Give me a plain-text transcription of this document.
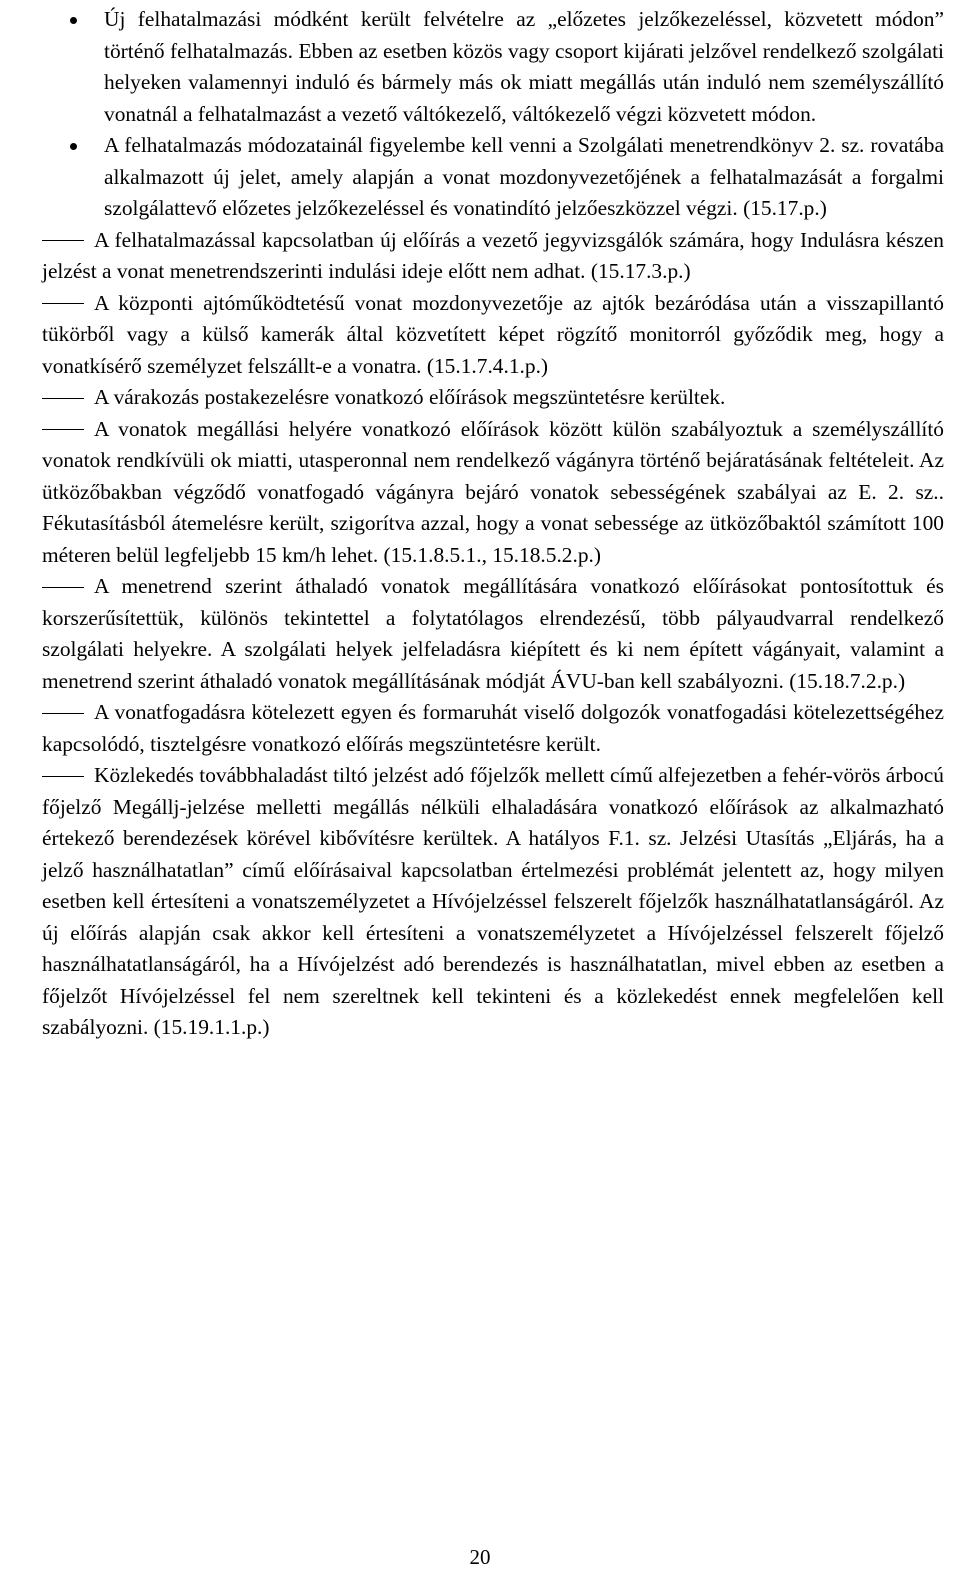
Új felhatalmazási módként került felvételre az „előzetes jelzőkezeléssel, közvetett módon” történő felhatalmazás. Ebben az esetben közös vagy csoport kijárati jelzővel rendelkező szolgálati helyeken valamennyi induló és bármely más ok miatt megállás után induló nem személyszállító vonatnál a felhatalmazást a vezető váltókezelő, váltókezelő végzi közvetett módon.

A felhatalmazás módozatainál figyelembe kell venni a Szolgálati menetrendkönyv 2. sz. rovatába alkalmazott új jelet, amely alapján a vonat mozdonyvezetőjének a felhatalmazását a forgalmi szolgálattevő előzetes jelzőkezeléssel és vonatindító jelzőeszközzel végzi. (15.17.p.)

A felhatalmazással kapcsolatban új előírás a vezető jegyvizsgálók számára, hogy Indulásra készen jelzést a vonat menetrendszerinti indulási ideje előtt nem adhat. (15.17.3.p.)

A központi ajtóműködtetésű vonat mozdonyvezetője az ajtók bezáródása után a visszapillantó tükörből vagy a külső kamerák által közvetített képet rögzítő monitorról győződik meg, hogy a vonatkísérő személyzet felszállt-e a vonatra. (15.1.7.4.1.p.)

A várakozás postakezelésre vonatkozó előírások megszüntetésre kerültek.

A vonatok megállási helyére vonatkozó előírások között külön szabályoztuk a személyszállító vonatok rendkívüli ok miatti, utasperonnal nem rendelkező vágányra történő bejáratásának feltételeit. Az ütközőbakban végződő vonatfogadó vágányra bejáró vonatok sebességének szabályai az E. 2. sz.. Fékutasításból átemelésre került, szigorítva azzal, hogy a vonat sebessége az ütközőbaktól számított 100 méteren belül legfeljebb 15 km/h lehet. (15.1.8.5.1., 15.18.5.2.p.)

A menetrend szerint áthaladó vonatok megállítására vonatkozó előírásokat pontosítottuk és korszerűsítettük, különös tekintettel a folytatólagos elrendezésű, több pályaudvarral rendelkező szolgálati helyekre. A szolgálati helyek jelfeladásra kiépített és ki nem épített vágányait, valamint a menetrend szerint áthaladó vonatok megállításának módját ÁVU-ban kell szabályozni. (15.18.7.2.p.)

A vonatfogadásra kötelezett egyen és formaruhát viselő dolgozók vonatfogadási kötelezettségéhez kapcsolódó, tisztelgésre vonatkozó előírás megszüntetésre került.

Közlekedés továbbhaladást tiltó jelzést adó főjelzők mellett című alfejezetben a fehér-vörös árbocú főjelző Megállj-jelzése melletti megállás nélküli elhaladására vonatkozó előírások az alkalmazható értekező berendezések körével kibővítésre kerültek. A hatályos F.1. sz. Jelzési Utasítás „Eljárás, ha a jelző használhatatlan” című előírásaival kapcsolatban értelmezési problémát jelentett az, hogy milyen esetben kell értesíteni a vonatszemélyzetet a Hívójelzéssel felszerelt főjelzők használhatatlanságáról. Az új előírás alapján csak akkor kell értesíteni a vonatszemélyzetet a Hívójelzéssel felszerelt főjelző használhatatlanságáról, ha a Hívójelzést adó berendezés is használhatatlan, mivel ebben az esetben a főjelzőt Hívójelzéssel fel nem szereltnek kell tekinteni és a közlekedést ennek megfelelően kell szabályozni. (15.19.1.1.p.)

20
